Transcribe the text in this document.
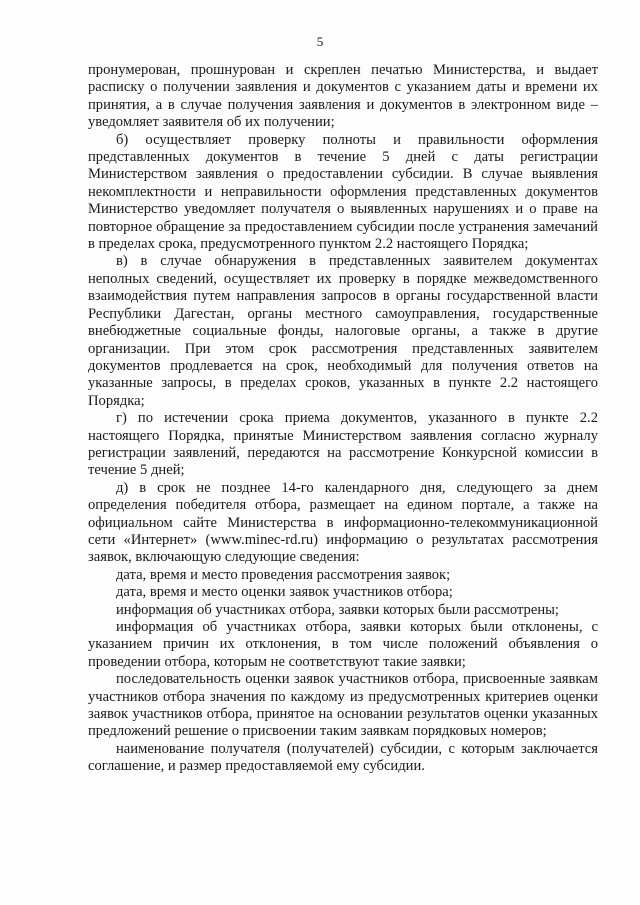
5

пронумерован, прошнурован и скреплен печатью Министерства, и выдает расписку о получении заявления и документов с указанием даты и времени их принятия, а в случае получения заявления и документов в электронном виде – уведомляет заявителя об их получении;

б) осуществляет проверку полноты и правильности оформления представленных документов в течение 5 дней с даты регистрации Министерством заявления о предоставлении субсидии. В случае выявления некомплектности и неправильности оформления представленных документов Министерство уведомляет получателя о выявленных нарушениях и о праве на повторное обращение за предоставлением субсидии после устранения замечаний в пределах срока, предусмотренного пунктом 2.2 настоящего Порядка;

в) в случае обнаружения в представленных заявителем документах неполных сведений, осуществляет их проверку в порядке межведомственного взаимодействия путем направления запросов в органы государственной власти Республики Дагестан, органы местного самоуправления, государственные внебюджетные социальные фонды, налоговые органы, а также в другие организации. При этом срок рассмотрения представленных заявителем документов продлевается на срок, необходимый для получения ответов на указанные запросы, в пределах сроков, указанных в пункте 2.2 настоящего Порядка;

г) по истечении срока приема документов, указанного в пункте 2.2 настоящего Порядка, принятые Министерством заявления согласно журналу регистрации заявлений, передаются на рассмотрение Конкурсной комиссии в течение 5 дней;

д) в срок не позднее 14-го календарного дня, следующего за днем определения победителя отбора, размещает на едином портале, а также на официальном сайте Министерства в информационно-телекоммуникационной сети «Интернет» (www.minec-rd.ru) информацию о результатах рассмотрения заявок, включающую следующие сведения:

дата, время и место проведения рассмотрения заявок;

дата, время и место оценки заявок участников отбора;

информация об участниках отбора, заявки которых были рассмотрены;

информация об участниках отбора, заявки которых были отклонены, с указанием причин их отклонения, в том числе положений объявления о проведении отбора, которым не соответствуют такие заявки;

последовательность оценки заявок участников отбора, присвоенные заявкам участников отбора значения по каждому из предусмотренных критериев оценки заявок участников отбора, принятое на основании результатов оценки указанных предложений решение о присвоении таким заявкам порядковых номеров;

наименование получателя (получателей) субсидии, с которым заключается соглашение, и размер предоставляемой ему субсидии.
